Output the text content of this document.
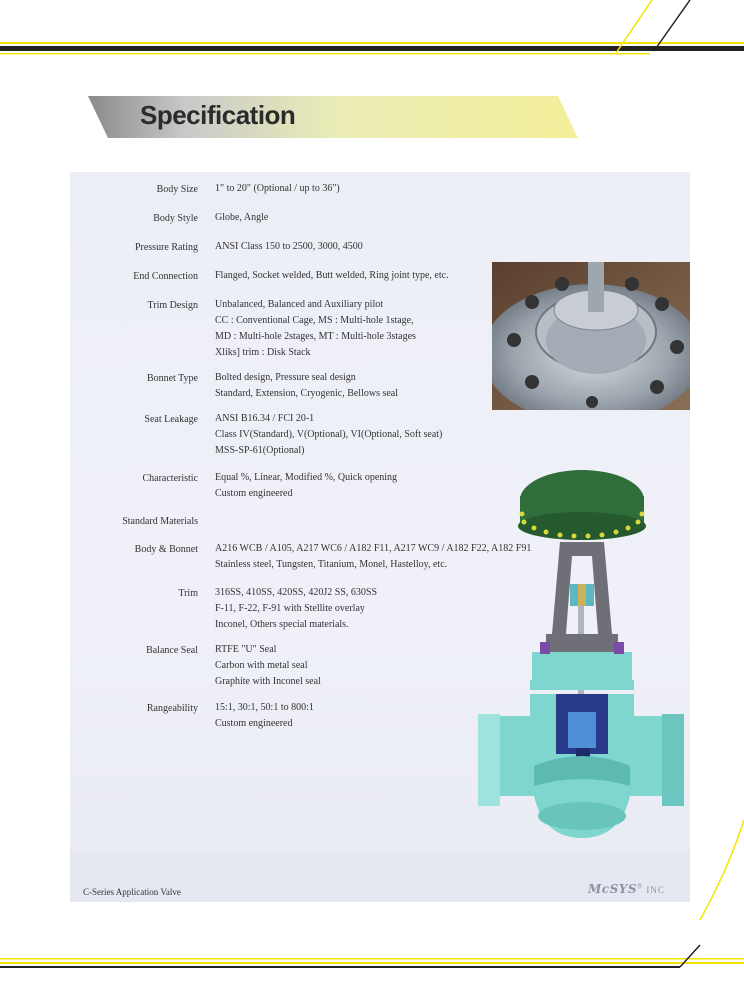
Specification
Body Size 1" to 20" (Optional / up to 36")
Body Style Globe, Angle
Pressure Rating ANSI Class 150 to 2500, 3000, 4500
End Connection Flanged, Socket welded, Butt welded, Ring joint type, etc.
Trim Design Unbalanced, Balanced and Auxiliary pilot
CC : Conventional Cage, MS : Multi-hole 1stage,
MD : Multi-hole 2stages, MT : Multi-hole 3stages
Xliks] trim : Disk Stack
Bonnet Type Bolted design, Pressure seal design
Standard, Extension, Cryogenic, Bellows seal
Seat Leakage ANSI B16.34 / FCI 20-1
Class IV(Standard), V(Optional), VI(Optional, Soft seat)
MSS-SP-61(Optional)
Characteristic Equal %, Linear, Modified %, Quick opening
Custom engineered
Standard Materials
Body & Bonnet A216 WCB / A105, A217 WC6 / A182 F11, A217 WC9 / A182 F22, A182 F91
Stainless steel, Tungsten, Titanium, Monel, Hastelloy, etc.
Trim 316SS, 410SS, 420SS, 420J2 SS, 630SS
F-11, F-22, F-91 with Stellite overlay
Inconel, Others special materials.
Balance Seal RTFE "U" Seal
Carbon with metal seal
Graphite with Inconel seal
Rangeability 15:1, 30:1, 50:1 to 800:1
Custom engineered
C-Series Application Valve	McSYS® INC
